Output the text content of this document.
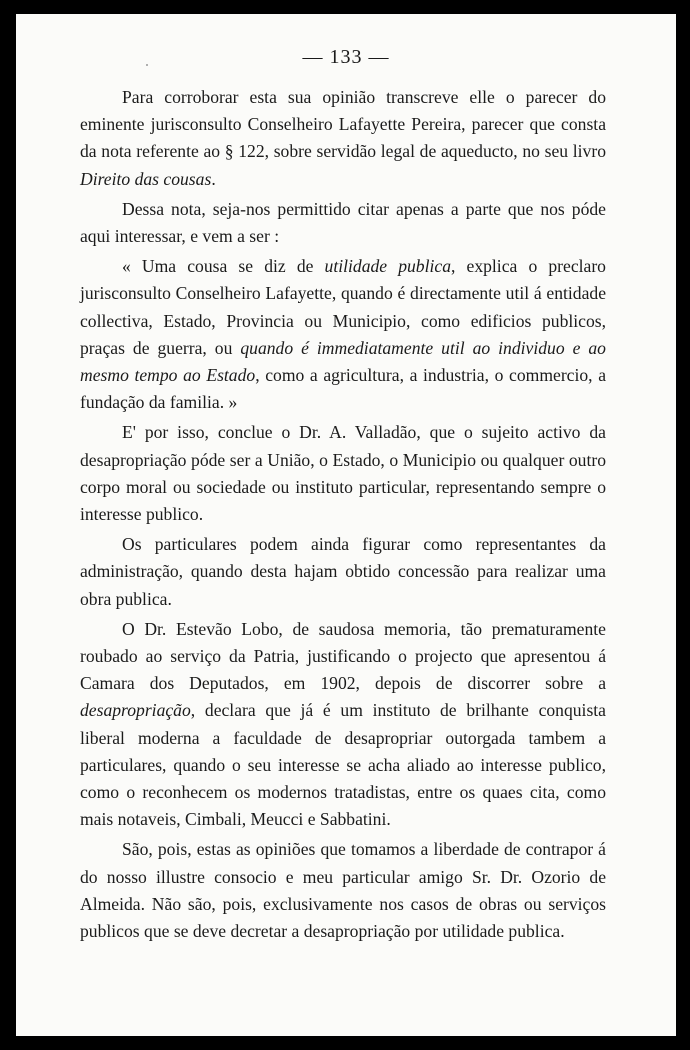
— 133 —

Para corroborar esta sua opinião transcreve elle o parecer do eminente jurisconsulto Conselheiro Lafayette Pereira, parecer que consta da nota referente ao § 122, sobre servidão legal de aqueducto, no seu livro Direito das cousas.

Dessa nota, seja-nos permittido citar apenas a parte que nos póde aqui interessar, e vem a ser :

« Uma cousa se diz de utilidade publica, explica o preclaro jurisconsulto Conselheiro Lafayette, quando é directamente util á entidade collectiva, Estado, Provincia ou Municipio, como edificios publicos, praças de guerra, ou quando é immediatamente util ao individuo e ao mesmo tempo ao Estado, como a agricultura, a industria, o commercio, a fundação da familia. »

E' por isso, conclue o Dr. A. Valladão, que o sujeito activo da desapropriação póde ser a União, o Estado, o Municipio ou qualquer outro corpo moral ou sociedade ou instituto particular, representando sempre o interesse publico.

Os particulares podem ainda figurar como representantes da administração, quando desta hajam obtido concessão para realizar uma obra publica.

O Dr. Estevão Lobo, de saudosa memoria, tão prematuramente roubado ao serviço da Patria, justificando o projecto que apresentou á Camara dos Deputados, em 1902, depois de discorrer sobre a desapropriação, declara que já é um instituto de brilhante conquista liberal moderna a faculdade de desapropriar outorgada tambem a particulares, quando o seu interesse se acha aliado ao interesse publico, como o reconhecem os modernos tratadistas, entre os quaes cita, como mais notaveis, Cimbali, Meucci e Sabbatini.

São, pois, estas as opiniões que tomamos a liberdade de contrapor á do nosso illustre consocio e meu particular amigo Sr. Dr. Ozorio de Almeida. Não são, pois, exclusivamente nos casos de obras ou serviços publicos que se deve decretar a desapropriação por utilidade publica.
